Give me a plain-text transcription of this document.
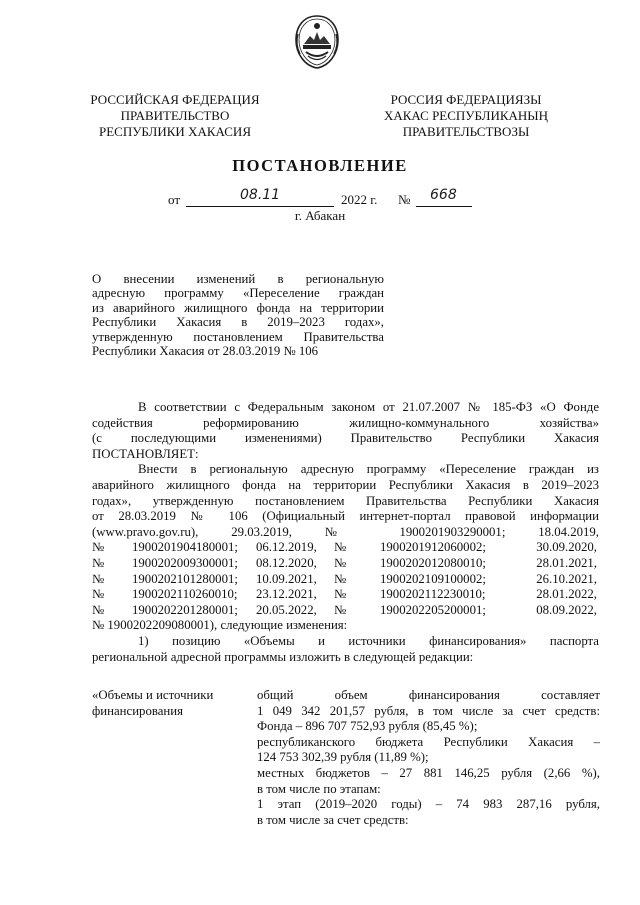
РОССИЙСКАЯ ФЕДЕРАЦИЯ
ПРАВИТЕЛЬСТВО
РЕСПУБЛИКИ ХАКАСИЯ
РОССИЯ ФЕДЕРАЦИЯЗЫ
ХАКАС РЕСПУБЛИКАНЫҢ
ПРАВИТЕЛЬСТВОЗЫ
ПОСТАНОВЛЕНИЕ
от	08.11	2022 г. № 668
г. Абакан
О внесении изменений в региональную
адресную программу «Переселение граждан
из аварийного жилищного фонда на территории
Республики Хакасия в 2019–2023 годах»,
утвержденную постановлением Правительства
Республики Хакасия от 28.03.2019 № 106
В соответствии с Федеральным законом от 21.07.2007 № 185-ФЗ «О Фонде
содействия реформированию жилищно-коммунального хозяйства»
(с последующими изменениями) Правительство Республики Хакасия
ПОСТАНОВЛЯЕТ:
Внести в региональную адресную программу «Переселение граждан из
аварийного жилищного фонда на территории Республики Хакасия в 2019–2023
годах», утвержденную постановлением Правительства Республики Хакасия
от 28.03.2019 № 106 (Официальный интернет-портал правовой информации
(www.pravo.gov.ru), 29.03.2019, № 1900201903290001; 18.04.2019,
№	1900201904180001;	06.12.2019,	№	1900201912060002;	30.09.2020,
№	1900202009300001;	08.12.2020,	№	1900202012080010;	28.01.2021,
№	1900202101280001;	10.09.2021,	№	1900202109100002;	26.10.2021,
№	1900202110260010;	23.12.2021,	№	1900202112230010;	28.01.2022,
№	1900202201280001;	20.05.2022,	№	1900202205200001;	08.09.2022,
№ 1900202209080001), следующие изменения:
1) позицию «Объемы и источники финансирования» паспорта
региональной адресной программы изложить в следующей редакции:
«Объемы и источники
финансирования
общий объем финансирования составляет
1 049 342 201,57 рубля, в том числе за счет средств:
Фонда – 896 707 752,93 рубля (85,45 %);
республиканского бюджета Республики Хакасия –
124 753 302,39 рубля (11,89 %);
местных бюджетов – 27 881 146,25 рубля (2,66 %),
в том числе по этапам:
1 этап (2019–2020 годы) – 74 983 287,16 рубля,
в том числе за счет средств:
